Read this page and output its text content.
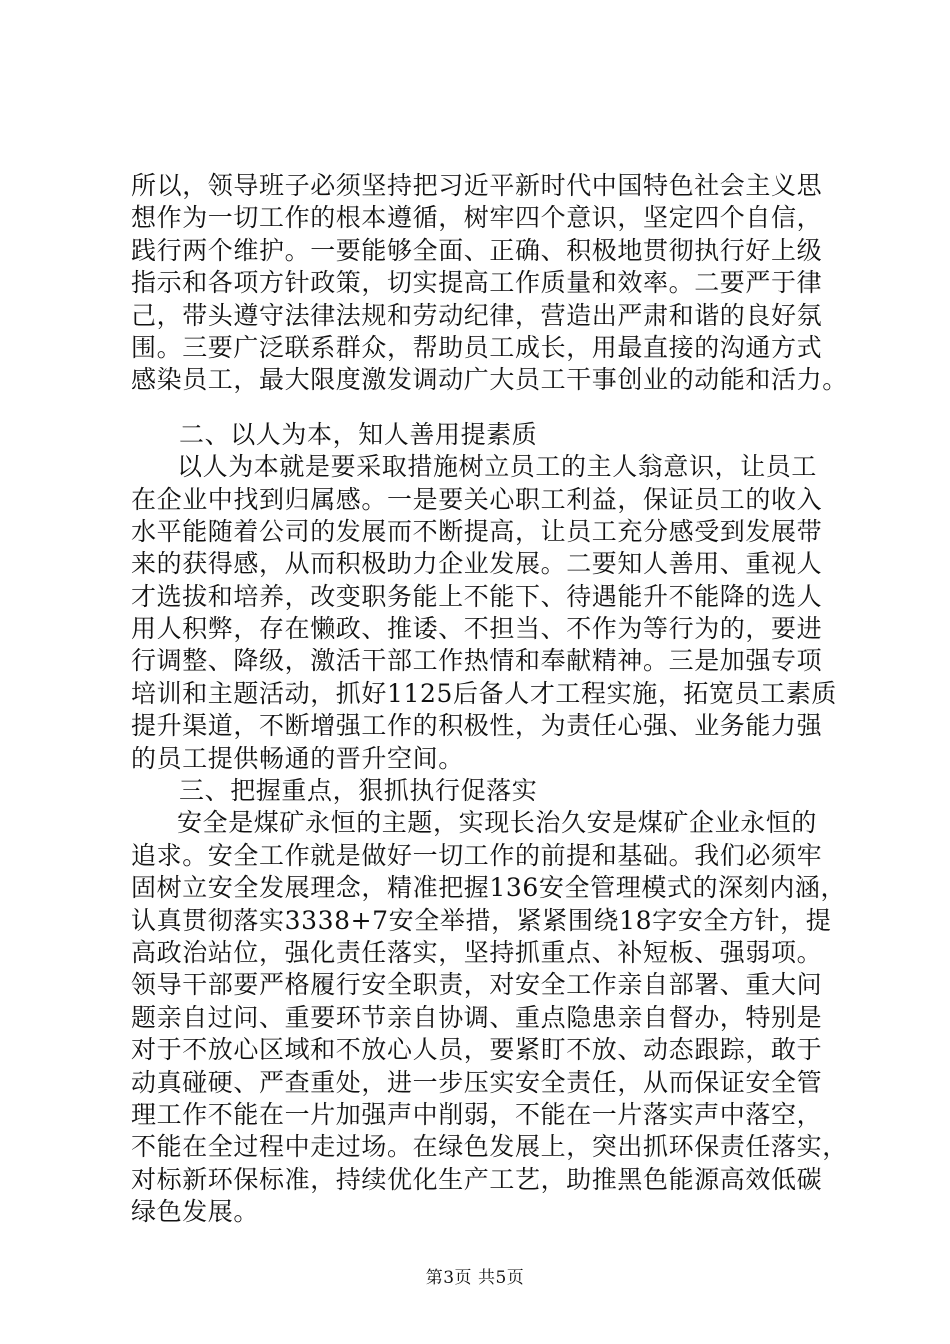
所以，领导班子必须坚持把习近平新时代中国特色社会主义思
想作为一切工作的根本遵循，树牢四个意识，坚定四个自信，
践行两个维护。一要能够全面、正确、积极地贯彻执行好上级
指示和各项方针政策，切实提高工作质量和效率。二要严于律
己，带头遵守法律法规和劳动纪律，营造出严肃和谐的良好氛
围。三要广泛联系群众，帮助员工成长，用最直接的沟通方式
感染员工，最大限度激发调动广大员工干事创业的动能和活力。
二、以人为本，知人善用提素质
以人为本就是要采取措施树立员工的主人翁意识，让员工
在企业中找到归属感。一是要关心职工利益，保证员工的收入
水平能随着公司的发展而不断提高，让员工充分感受到发展带
来的获得感，从而积极助力企业发展。二要知人善用、重视人
才选拔和培养，改变职务能上不能下、待遇能升不能降的选人
用人积弊，存在懒政、推诿、不担当、不作为等行为的，要进
行调整、降级，激活干部工作热情和奉献精神。三是加强专项
培训和主题活动，抓好1125后备人才工程实施，拓宽员工素质
提升渠道，不断增强工作的积极性，为责任心强、业务能力强
的员工提供畅通的晋升空间。
三、把握重点，狠抓执行促落实
安全是煤矿永恒的主题，实现长治久安是煤矿企业永恒的
追求。安全工作就是做好一切工作的前提和基础。我们必须牢
固树立安全发展理念，精准把握136安全管理模式的深刻内涵，
认真贯彻落实3338+7安全举措，紧紧围绕18字安全方针，提
高政治站位，强化责任落实，坚持抓重点、补短板、强弱项。
领导干部要严格履行安全职责，对安全工作亲自部署、重大问
题亲自过问、重要环节亲自协调、重点隐患亲自督办，特别是
对于不放心区域和不放心人员，要紧盯不放、动态跟踪，敢于
动真碰硬、严查重处，进一步压实安全责任，从而保证安全管
理工作不能在一片加强声中削弱，不能在一片落实声中落空，
不能在全过程中走过场。在绿色发展上，突出抓环保责任落实，
对标新环保标准，持续优化生产工艺，助推黑色能源高效低碳
绿色发展。
第3页 共5页
